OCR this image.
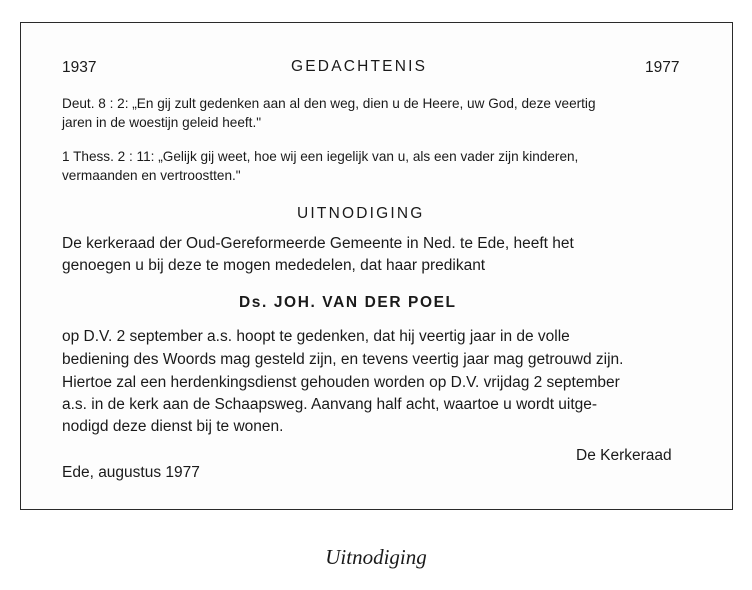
1937	GEDACHTENIS	1977
Deut. 8 : 2: „En gij zult gedenken aan al den weg, dien u de Heere, uw God, deze veertig
jaren in de woestijn geleid heeft."
1 Thess. 2 : 11: „Gelijk gij weet, hoe wij een iegelijk van u, als een vader zijn kinderen,
vermaanden en vertroostten."
UITNODIGING
De kerkeraad der Oud-Gereformeerde Gemeente in Ned. te Ede, heeft het
genoegen u bij deze te mogen mededelen, dat haar predikant
Ds. JOH. VAN DER POEL
op D.V. 2 september a.s. hoopt te gedenken, dat hij veertig jaar in de volle
bediening des Woords mag gesteld zijn, en tevens veertig jaar mag getrouwd zijn.
Hiertoe zal een herdenkingsdienst gehouden worden op D.V. vrijdag 2 september
a.s. in de kerk aan de Schaapsweg. Aanvang half acht, waartoe u wordt uitge-
nodigd deze dienst bij te wonen.
De Kerkeraad
Ede, augustus 1977
Uitnodiging
